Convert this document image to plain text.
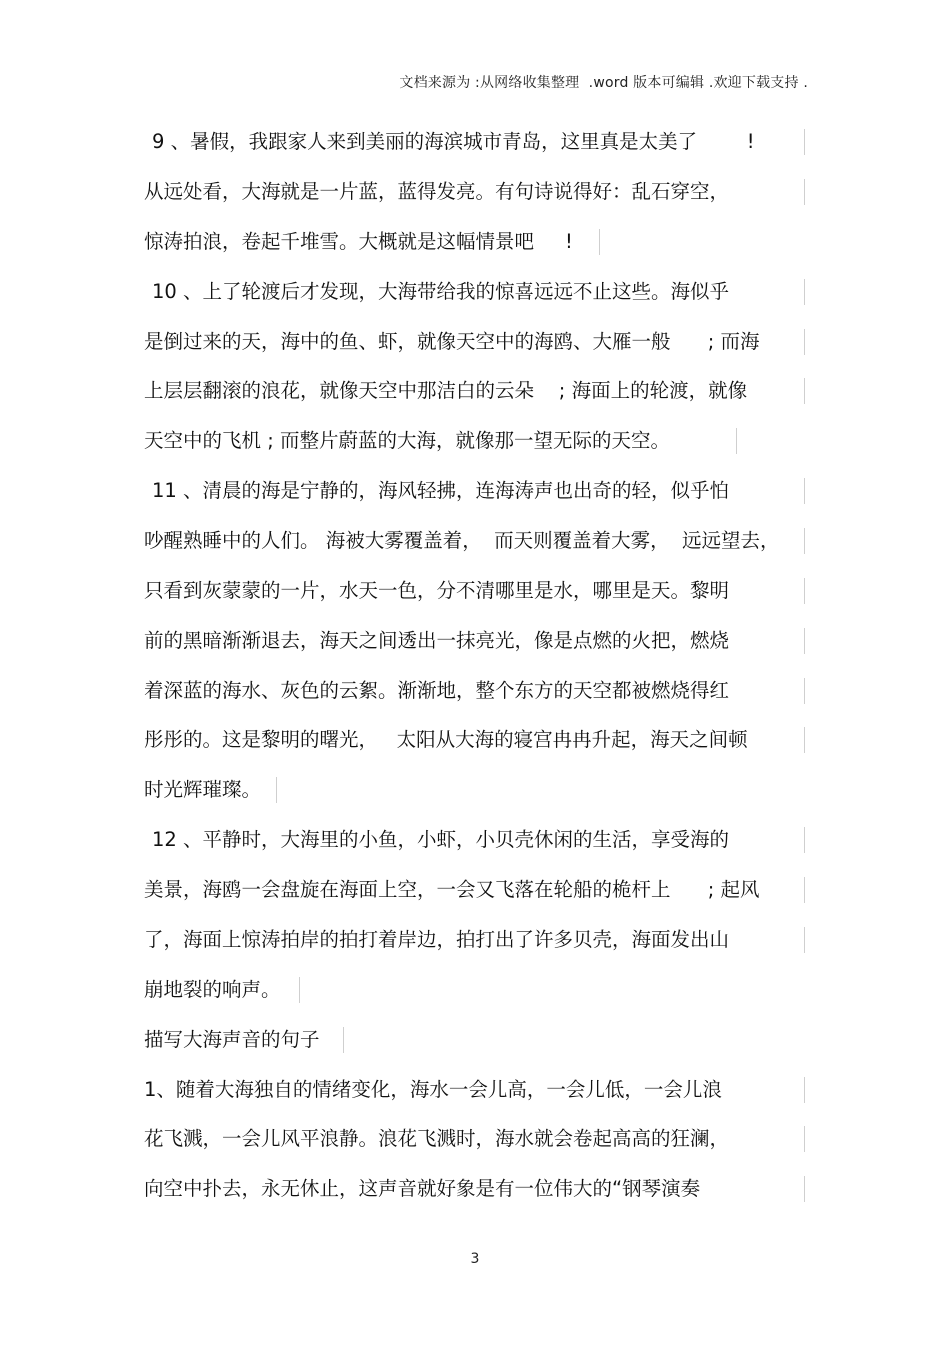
文档来源为 :从网络收集整理  .word 版本可编辑 .欢迎下载支持 .
9 、暑假，我跟家人来到美丽的海滨城市青岛，这里真是太美了        !
从远处看，大海就是一片蓝，蓝得发亮。有句诗说得好：乱石穿空，
惊涛拍浪，卷起千堆雪。大概就是这幅情景吧     !
10 、上了轮渡后才发现，大海带给我的惊喜远远不止这些。海似乎
是倒过来的天，海中的鱼、虾，就像天空中的海鸥、大雁一般      ; 而海
上层层翻滚的浪花，就像天空中那洁白的云朵    ; 海面上的轮渡，就像
天空中的飞机 ; 而整片蔚蓝的大海，就像那一望无际的天空。
11 、清晨的海是宁静的，海风轻拂，连海涛声也出奇的轻，似乎怕
吵醒熟睡中的人们。 海被大雾覆盖着，  而天则覆盖着大雾，  远远望去，
只看到灰蒙蒙的一片，水天一色，分不清哪里是水，哪里是天。黎明
前的黑暗渐渐退去，海天之间透出一抹亮光，像是点燃的火把，燃烧
着深蓝的海水、灰色的云絮。渐渐地，整个东方的天空都被燃烧得红
彤彤的。这是黎明的曙光，   太阳从大海的寝宫冉冉升起，海天之间顿
时光辉璀璨。
12 、平静时，大海里的小鱼，小虾，小贝壳休闲的生活，享受海的
美景，海鸥一会盘旋在海面上空，一会又飞落在轮船的桅杆上      ; 起风
了，海面上惊涛拍岸的拍打着岸边，拍打出了许多贝壳，海面发出山
崩地裂的响声。
描写大海声音的句子
1、随着大海独自的情绪变化，海水一会儿高，一会儿低，一会儿浪
花飞溅，一会儿风平浪静。浪花飞溅时，海水就会卷起高高的狂澜，
向空中扑去，永无休止，这声音就好象是有一位伟大的“钢琴演奏
3
